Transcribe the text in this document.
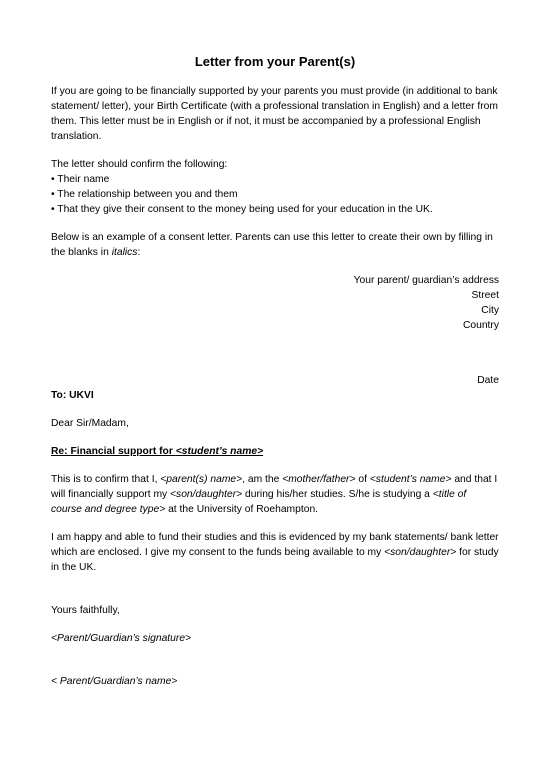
Letter from your Parent(s)

If you are going to be financially supported by your parents you must provide (in additional to bank statement/ letter), your Birth Certificate (with a professional translation in English) and a letter from them. This letter must be in English or if not, it must be accompanied by a professional English translation.

The letter should confirm the following:

• Their name
• The relationship between you and them
• That they give their consent to the money being used for your education in the UK.

Below is an example of a consent letter. Parents can use this letter to create their own by filling in the blanks in italics:

Your parent/ guardian’s address
Street
City
Country
Date
To: UKVI

Dear Sir/Madam,

Re: Financial support for <student’s name>

This is to confirm that I, <parent(s) name>, am the <mother/father> of <student’s name> and that I will financially support my <son/daughter> during his/her studies. S/he is studying a <title of course and degree type> at the University of Roehampton.

I am happy and able to fund their studies and this is evidenced by my bank statements/ bank letter which are enclosed. I give my consent to the funds being available to my <son/daughter> for study in the UK.

Yours faithfully,

<Parent/Guardian’s signature>

< Parent/Guardian’s name>
